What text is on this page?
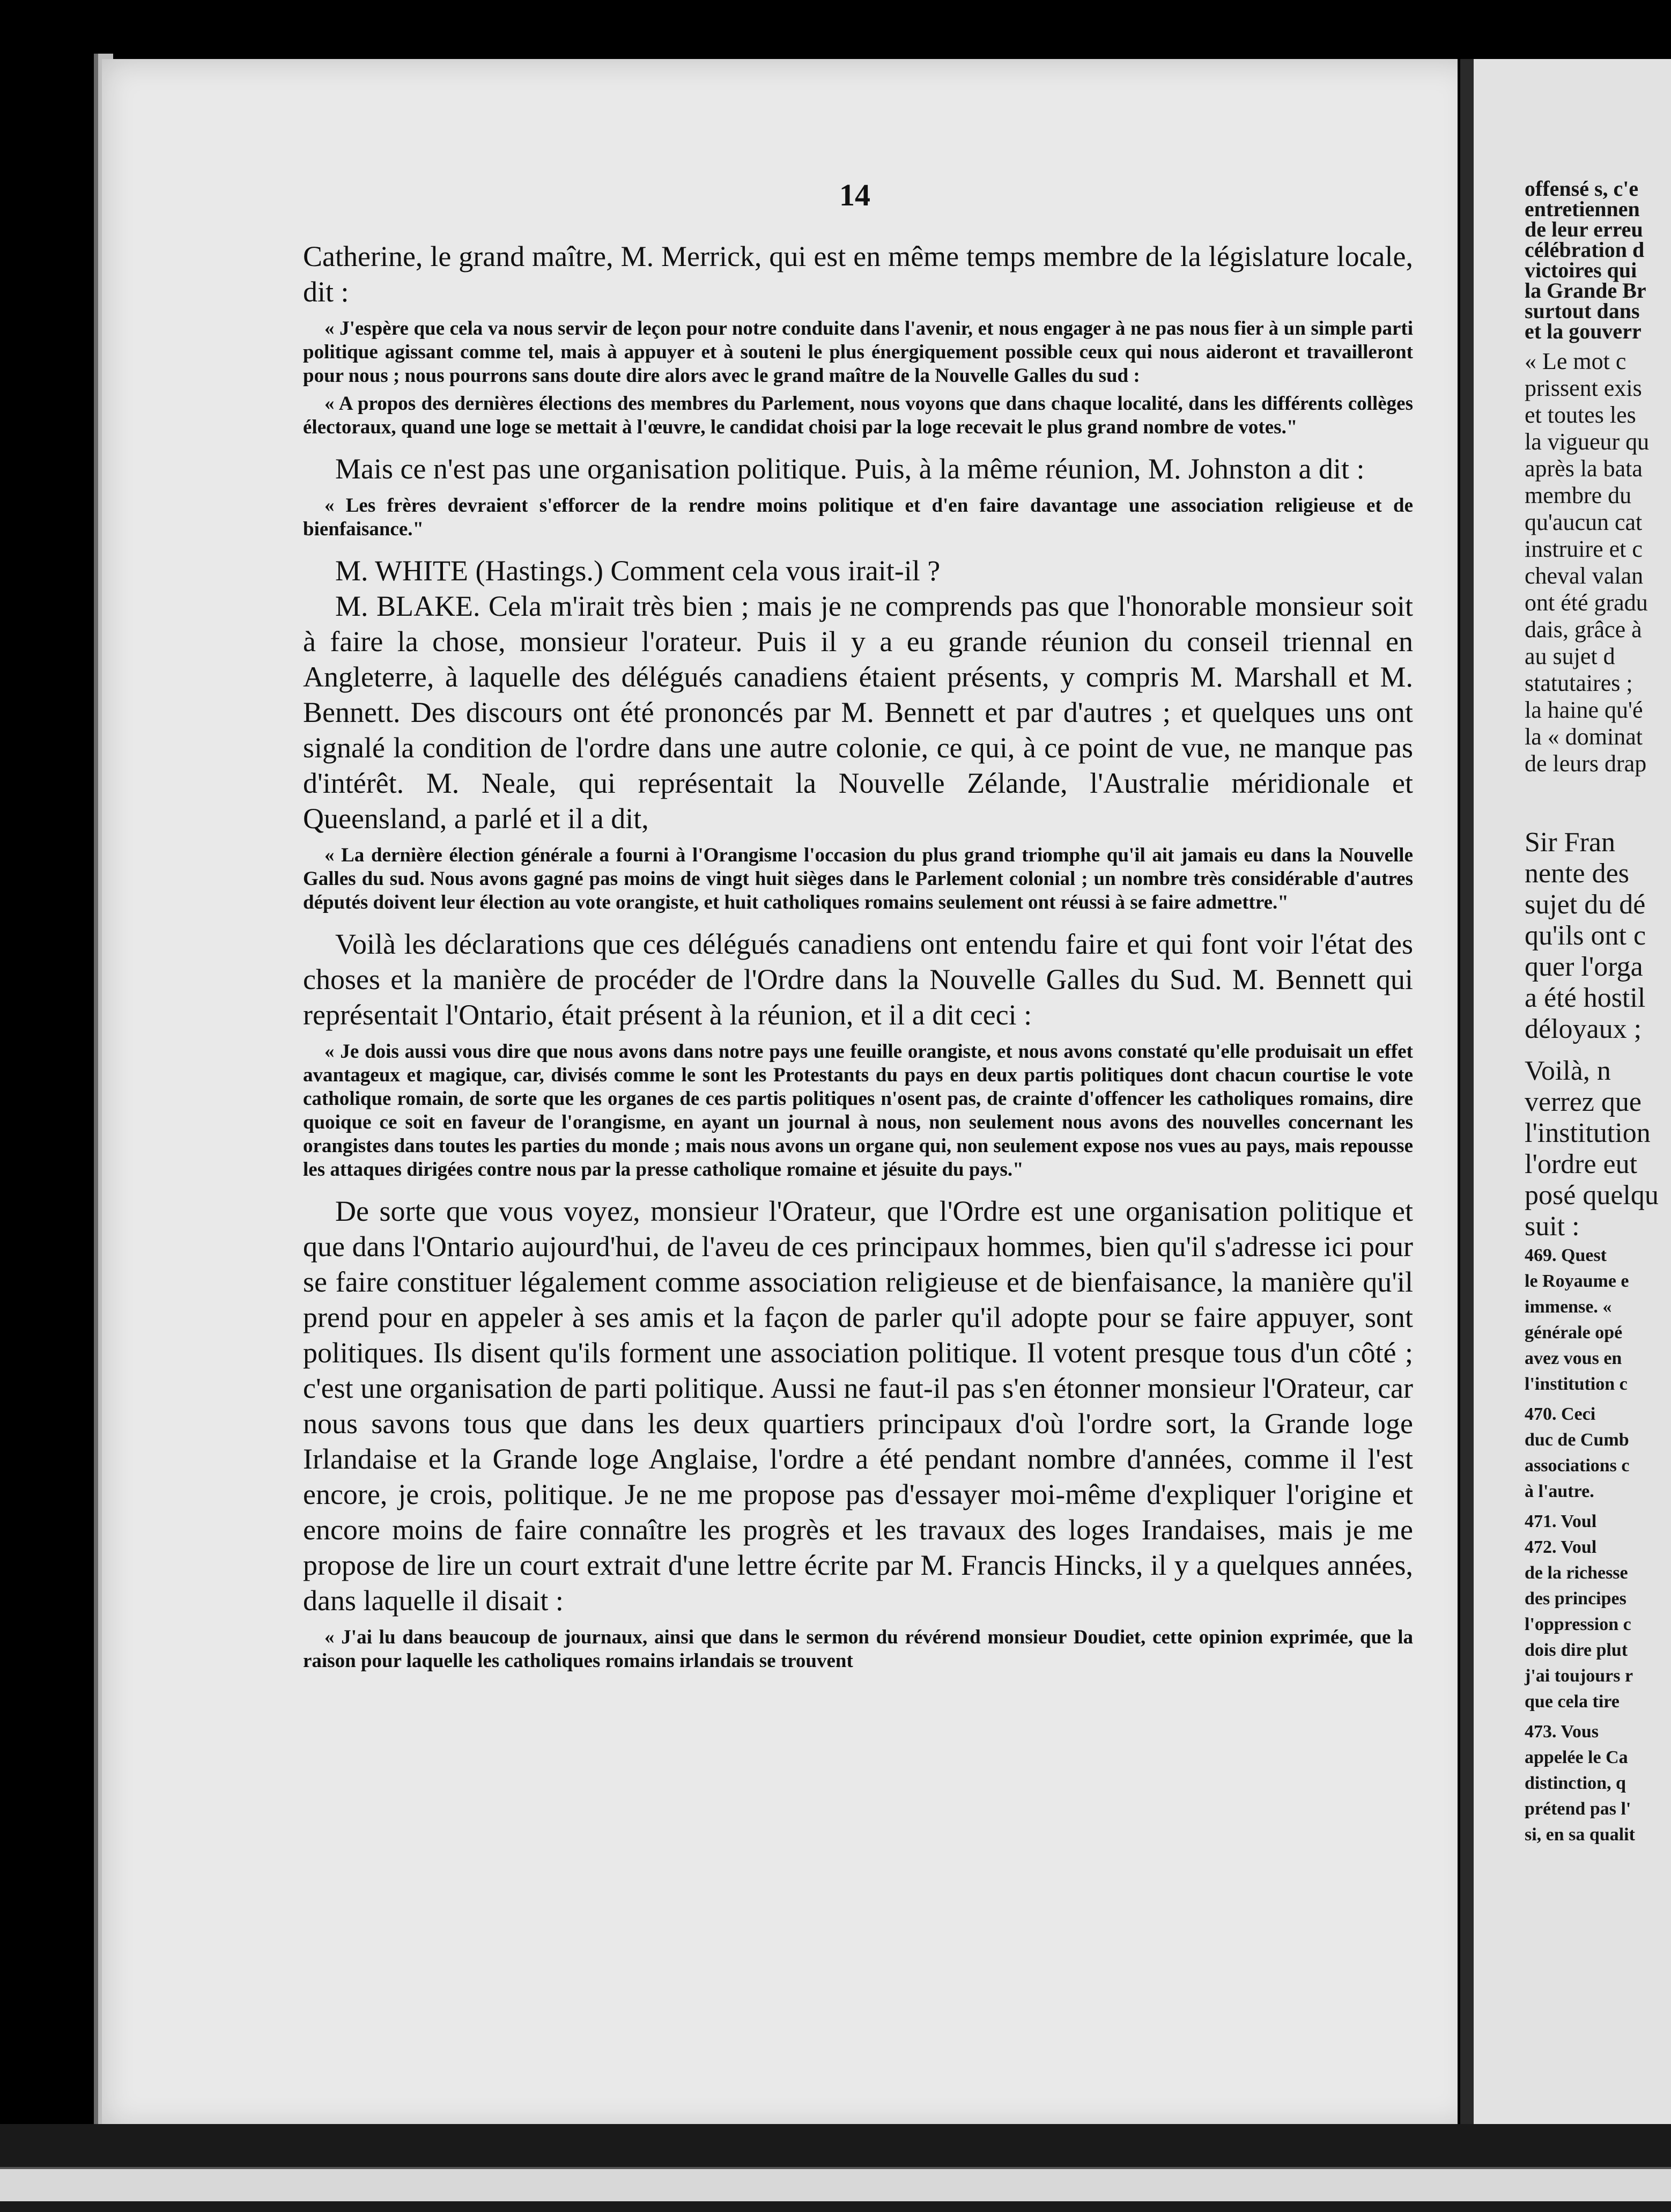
14

Catherine, le grand maître, M. Merrick, qui est en même temps membre de la législature locale, dit :

« J'espère que cela va nous servir de leçon pour notre conduite dans l'avenir, et nous engager à ne pas nous fier à un simple parti politique agissant comme tel, mais à appuyer et à souteni le plus énergiquement possible ceux qui nous aideront et travailleront pour nous ; nous pourrons sans doute dire alors avec le grand maître de la Nouvelle Galles du sud :

« A propos des dernières élections des membres du Parlement, nous voyons que dans chaque localité, dans les différents collèges électoraux, quand une loge se mettait à l'œuvre, le candidat choisi par la loge recevait le plus grand nombre de votes."

Mais ce n'est pas une organisation politique. Puis, à la même réunion, M. Johnston a dit :

« Les frères devraient s'efforcer de la rendre moins politique et d'en faire davantage une association religieuse et de bienfaisance."

M. WHITE (Hastings.) Comment cela vous irait-il ?

M. BLAKE. Cela m'irait très bien ; mais je ne comprends pas que l'honorable monsieur soit à faire la chose, monsieur l'orateur. Puis il y a eu grande réunion du conseil triennal en Angleterre, à laquelle des délégués canadiens étaient présents, y compris M. Marshall et M. Bennett. Des discours ont été prononcés par M. Bennett et par d'autres ; et quelques uns ont signalé la condition de l'ordre dans une autre colonie, ce qui, à ce point de vue, ne manque pas d'intérêt. M. Neale, qui représentait la Nouvelle Zélande, l'Australie méridionale et Queensland, a parlé et il a dit,

« La dernière élection générale a fourni à l'Orangisme l'occasion du plus grand triomphe qu'il ait jamais eu dans la Nouvelle Galles du sud. Nous avons gagné pas moins de vingt huit sièges dans le Parlement colonial ; un nombre très considérable d'autres députés doivent leur élection au vote orangiste, et huit catholiques romains seulement ont réussi à se faire admettre."

Voilà les déclarations que ces délégués canadiens ont entendu faire et qui font voir l'état des choses et la manière de procéder de l'Ordre dans la Nouvelle Galles du Sud. M. Bennett qui représentait l'Ontario, était présent à la réunion, et il a dit ceci :

« Je dois aussi vous dire que nous avons dans notre pays une feuille orangiste, et nous avons constaté qu'elle produisait un effet avantageux et magique, car, divisés comme le sont les Protestants du pays en deux partis politiques dont chacun courtise le vote catholique romain, de sorte que les organes de ces partis politiques n'osent pas, de crainte d'offencer les catholiques romains, dire quoique ce soit en faveur de l'orangisme, en ayant un journal à nous, non seulement nous avons des nouvelles concernant les orangistes dans toutes les parties du monde ; mais nous avons un organe qui, non seulement expose nos vues au pays, mais repousse les attaques dirigées contre nous par la presse catholique romaine et jésuite du pays."

De sorte que vous voyez, monsieur l'Orateur, que l'Ordre est une organisation politique et que dans l'Ontario aujourd'hui, de l'aveu de ces principaux hommes, bien qu'il s'adresse ici pour se faire constituer légalement comme association religieuse et de bienfaisance, la manière qu'il prend pour en appeler à ses amis et la façon de parler qu'il adopte pour se faire appuyer, sont politiques. Ils disent qu'ils forment une association politique. Il votent presque tous d'un côté ; c'est une organisation de parti politique. Aussi ne faut-il pas s'en étonner monsieur l'Orateur, car nous savons tous que dans les deux quartiers principaux d'où l'ordre sort, la Grande loge Irlandaise et la Grande loge Anglaise, l'ordre a été pendant nombre d'années, comme il l'est encore, je crois, politique. Je ne me propose pas d'essayer moi-même d'expliquer l'origine et encore moins de faire connaître les progrès et les travaux des loges Irandaises, mais je me propose de lire un court extrait d'une lettre écrite par M. Francis Hincks, il y a quelques années, dans laquelle il disait :

« J'ai lu dans beaucoup de journaux, ainsi que dans le sermon du révérend monsieur Doudiet, cette opinion exprimée, que la raison pour laquelle les catholiques romains irlandais se trouvent

offensé s, c'e
entretiennen
de leur erreu
célébration d
victoires qui
la Grande Br
surtout dans
et la gouverr
« Le mot c
prissent exis
et toutes les
la vigueur qu
après la bata
membre du
qu'aucun cat
instruire et c
cheval valan
ont été gradu
dais, grâce à
au sujet d
statutaires ;
la haine qu'é
la « dominat
de leurs drap
Sir Fran
nente des
sujet du dé
qu'ils ont c
quer l'orga
a été hostil
déloyaux ;
Voilà, n
verrez que
l'institution
l'ordre eut
posé quelqu
suit :
469. Quest
le Royaume e
immense. «
générale opé
avez vous en
l'institution c
470. Ceci
duc de Cumb
associations c
à l'autre.
471. Voul
472. Voul
de la richesse
des principes
l'oppression c
dois dire plut
j'ai toujours r
que cela tire
473. Vous
appelée le Ca
distinction, q
prétend pas l'
si, en sa qualit
